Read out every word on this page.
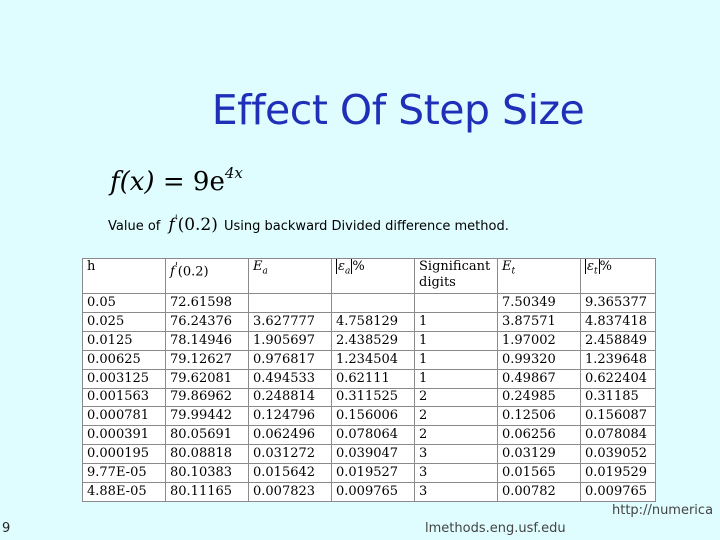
Effect Of Step Size
$f(x) = 9e^{4x}$
Value of f'(0.2) Using backward Divided difference method.
h	f'(0.2)	$E_a$	$\varepsilon_a$ %	Significant digits	$E_t$	$\varepsilon_t$ %
0.05	72.61598				7.50349	9.365377
0.025	76.24376	3.627777	4.758129	1	3.87571	4.837418
0.0125	78.14946	1.905697	2.438529	1	1.97002	2.458849
0.00625	79.12627	0.976817	1.234504	1	0.99320	1.239648
0.003125	79.62081	0.494533	0.62111	1	0.49867	0.622404
0.001563	79.86962	0.248814	0.311525	2	0.24985	0.31185
0.000781	79.99442	0.124796	0.156006	2	0.12506	0.156087
0.000391	80.05691	0.062496	0.078064	2	0.06256	0.078084
0.000195	80.08818	0.031272	0.039047	3	0.03129	0.039052
9.77E-05	80.10383	0.015642	0.019527	3	0.01565	0.019529
4.88E-05	80.11165	0.007823	0.009765	3	0.00782	0.009765
http://numerica
lmethods.eng.usf.edu
9
